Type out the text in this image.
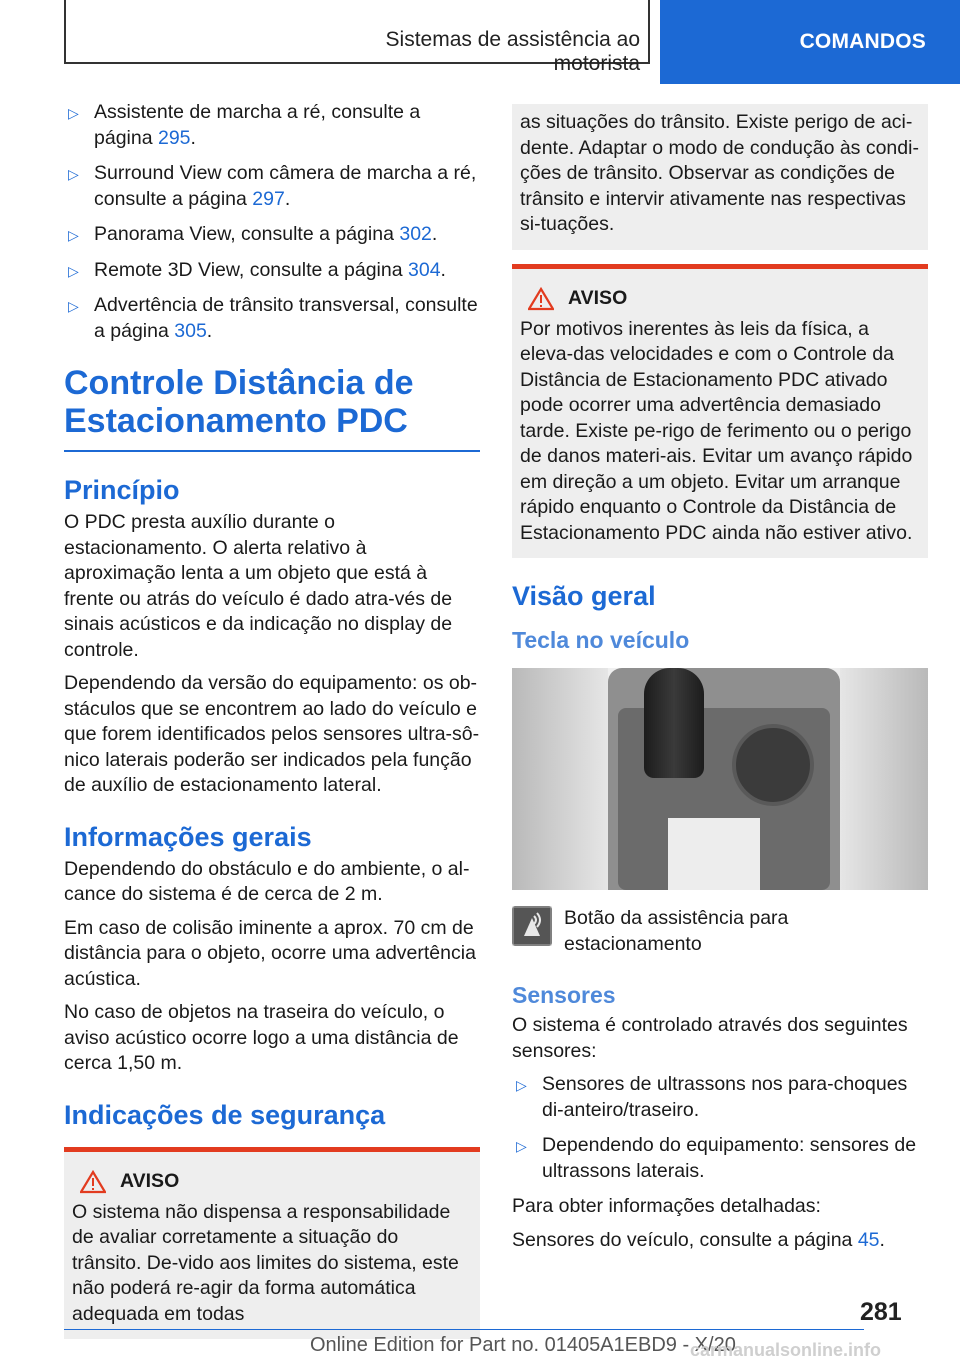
Sistemas de assistência ao motorista
COMANDOS
▷ Assistente de marcha a ré, consulte a página 295.
▷ Surround View com câmera de marcha a ré, consulte a página 297.
▷ Panorama View, consulte a página 302.
▷ Remote 3D View, consulte a página 304.
▷ Advertência de trânsito transversal, consulte a página 305.
Controle Distância de Estacionamento PDC
Princípio

O PDC presta auxílio durante o estacionamento. O alerta relativo à aproximação lenta a um objeto que está à frente ou atrás do veículo é dado atra-vés de sinais acústicos e da indicação no display de controle.

Dependendo da versão do equipamento: os ob-stáculos que se encontrem ao lado do veículo e que forem identificados pelos sensores ultra-sô-nico laterais poderão ser indicados pela função de auxílio de estacionamento lateral.

Informações gerais

Dependendo do obstáculo e do ambiente, o al-cance do sistema é de cerca de 2 m.

Em caso de colisão iminente a aprox. 70 cm de distância para o objeto, ocorre uma advertência acústica.

No caso de objetos na traseira do veículo, o aviso acústico ocorre logo a uma distância de cerca 1,50 m.

Indicações de segurança
AVISO

O sistema não dispensa a responsabilidade de avaliar corretamente a situação do trânsito. De-vido aos limites do sistema, este não poderá re-agir da forma automática adequada em todas

as situações do trânsito. Existe perigo de aci-dente. Adaptar o modo de condução às condi-ções de trânsito. Observar as condições de trânsito e intervir ativamente nas respectivas si-tuações.

AVISO

Por motivos inerentes às leis da física, a eleva-das velocidades e com o Controle da Distância de Estacionamento PDC ativado pode ocorrer uma advertência demasiado tarde. Existe pe-rigo de ferimento ou o perigo de danos materi-ais. Evitar um avanço rápido em direção a um objeto. Evitar um arranque rápido enquanto o Controle da Distância de Estacionamento PDC ainda não estiver ativo.

Visão geral
Tecla no veículo
Botão da assistência para estacionamento
Sensores

O sistema é controlado através dos seguintes sensores:

▷ Sensores de ultrassons nos para-choques di-anteiro/traseiro.
▷ Dependendo do equipamento: sensores de ultrassons laterais.

Para obter informações detalhadas:

Sensores do veículo, consulte a página 45.

281
Online Edition for Part no. 01405A1EBD9 - X/20
carmanualsonline.info
